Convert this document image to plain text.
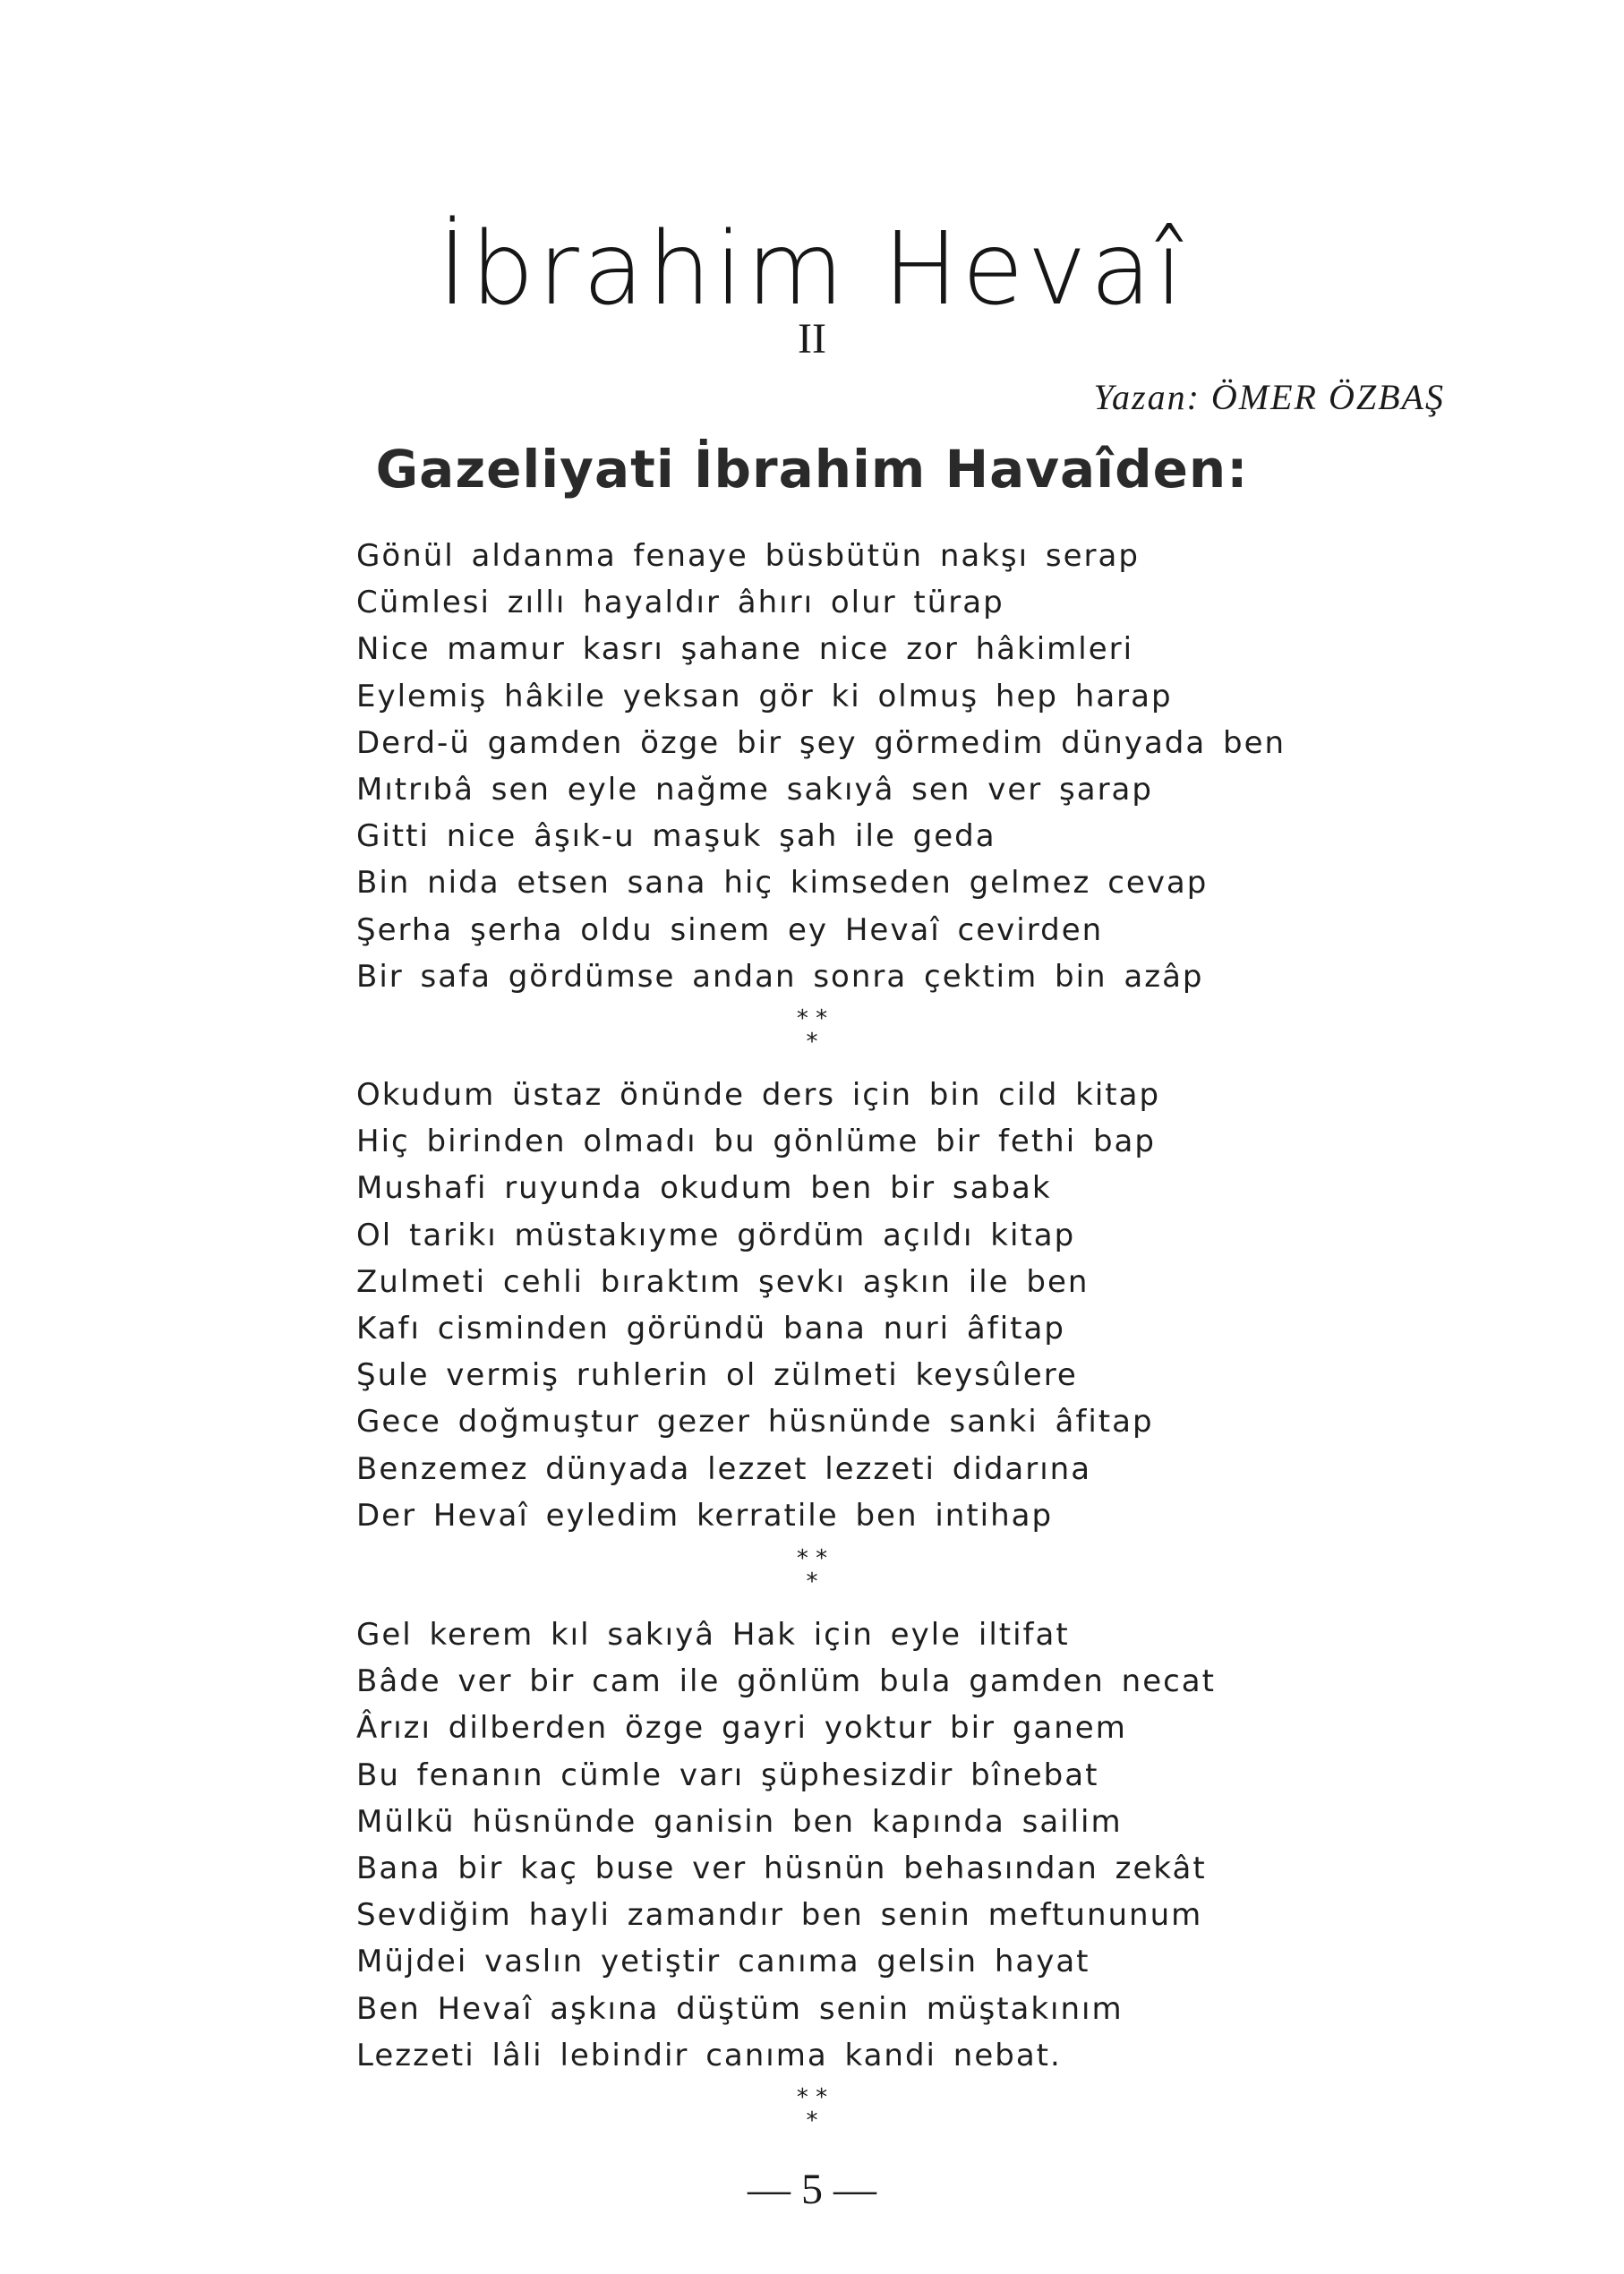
İbrahim Hevaî
II
Yazan: ÖMER ÖZBAŞ
Gazeliyati İbrahim Havaîden:
Gönül aldanma fenaye büsbütün nakşı serap
Cümlesi zıllı hayaldır âhırı olur türap
Nice mamur kasrı şahane nice zor hâkimleri
Eylemiş hâkile yeksan gör ki olmuş hep harap
Derd-ü gamden özge bir şey görmedim dünyada ben
Mıtrıbâ sen eyle nağme sakıyâ sen ver şarap
Gitti nice âşık-u maşuk şah ile geda
Bin nida etsen sana hiç kimseden gelmez cevap
Şerha şerha oldu sinem ey Hevaî cevirden
Bir safa gördümse andan sonra çektim bin azâp
* *
*
Okudum üstaz önünde ders için bin cild kitap
Hiç birinden olmadı bu gönlüme bir fethi bap
Mushafi ruyunda okudum ben bir sabak
Ol tarikı müstakıyme gördüm açıldı kitap
Zulmeti cehli bıraktım şevkı aşkın ile ben
Kafı cisminden göründü bana nuri âfitap
Şule vermiş ruhlerin ol zülmeti keysûlere
Gece doğmuştur gezer hüsnünde sanki âfitap
Benzemez dünyada lezzet lezzeti didarına
Der Hevaî eyledim kerratile ben intihap
* *
*
Gel kerem kıl sakıyâ Hak için eyle iltifat
Bâde ver bir cam ile gönlüm bula gamden necat
Ârızı dilberden özge gayri yoktur bir ganem
Bu fenanın cümle varı şüphesizdir bînebat
Mülkü hüsnünde ganisin ben kapında sailim
Bana bir kaç buse ver hüsnün behasından zekât
Sevdiğim hayli zamandır ben senin meftununum
Müjdei vaslın yetiştir canıma gelsin hayat
Ben Hevaî aşkına düştüm senin müştakınım
Lezzeti lâli lebindir canıma kandi nebat.
* *
*
— 5 —
